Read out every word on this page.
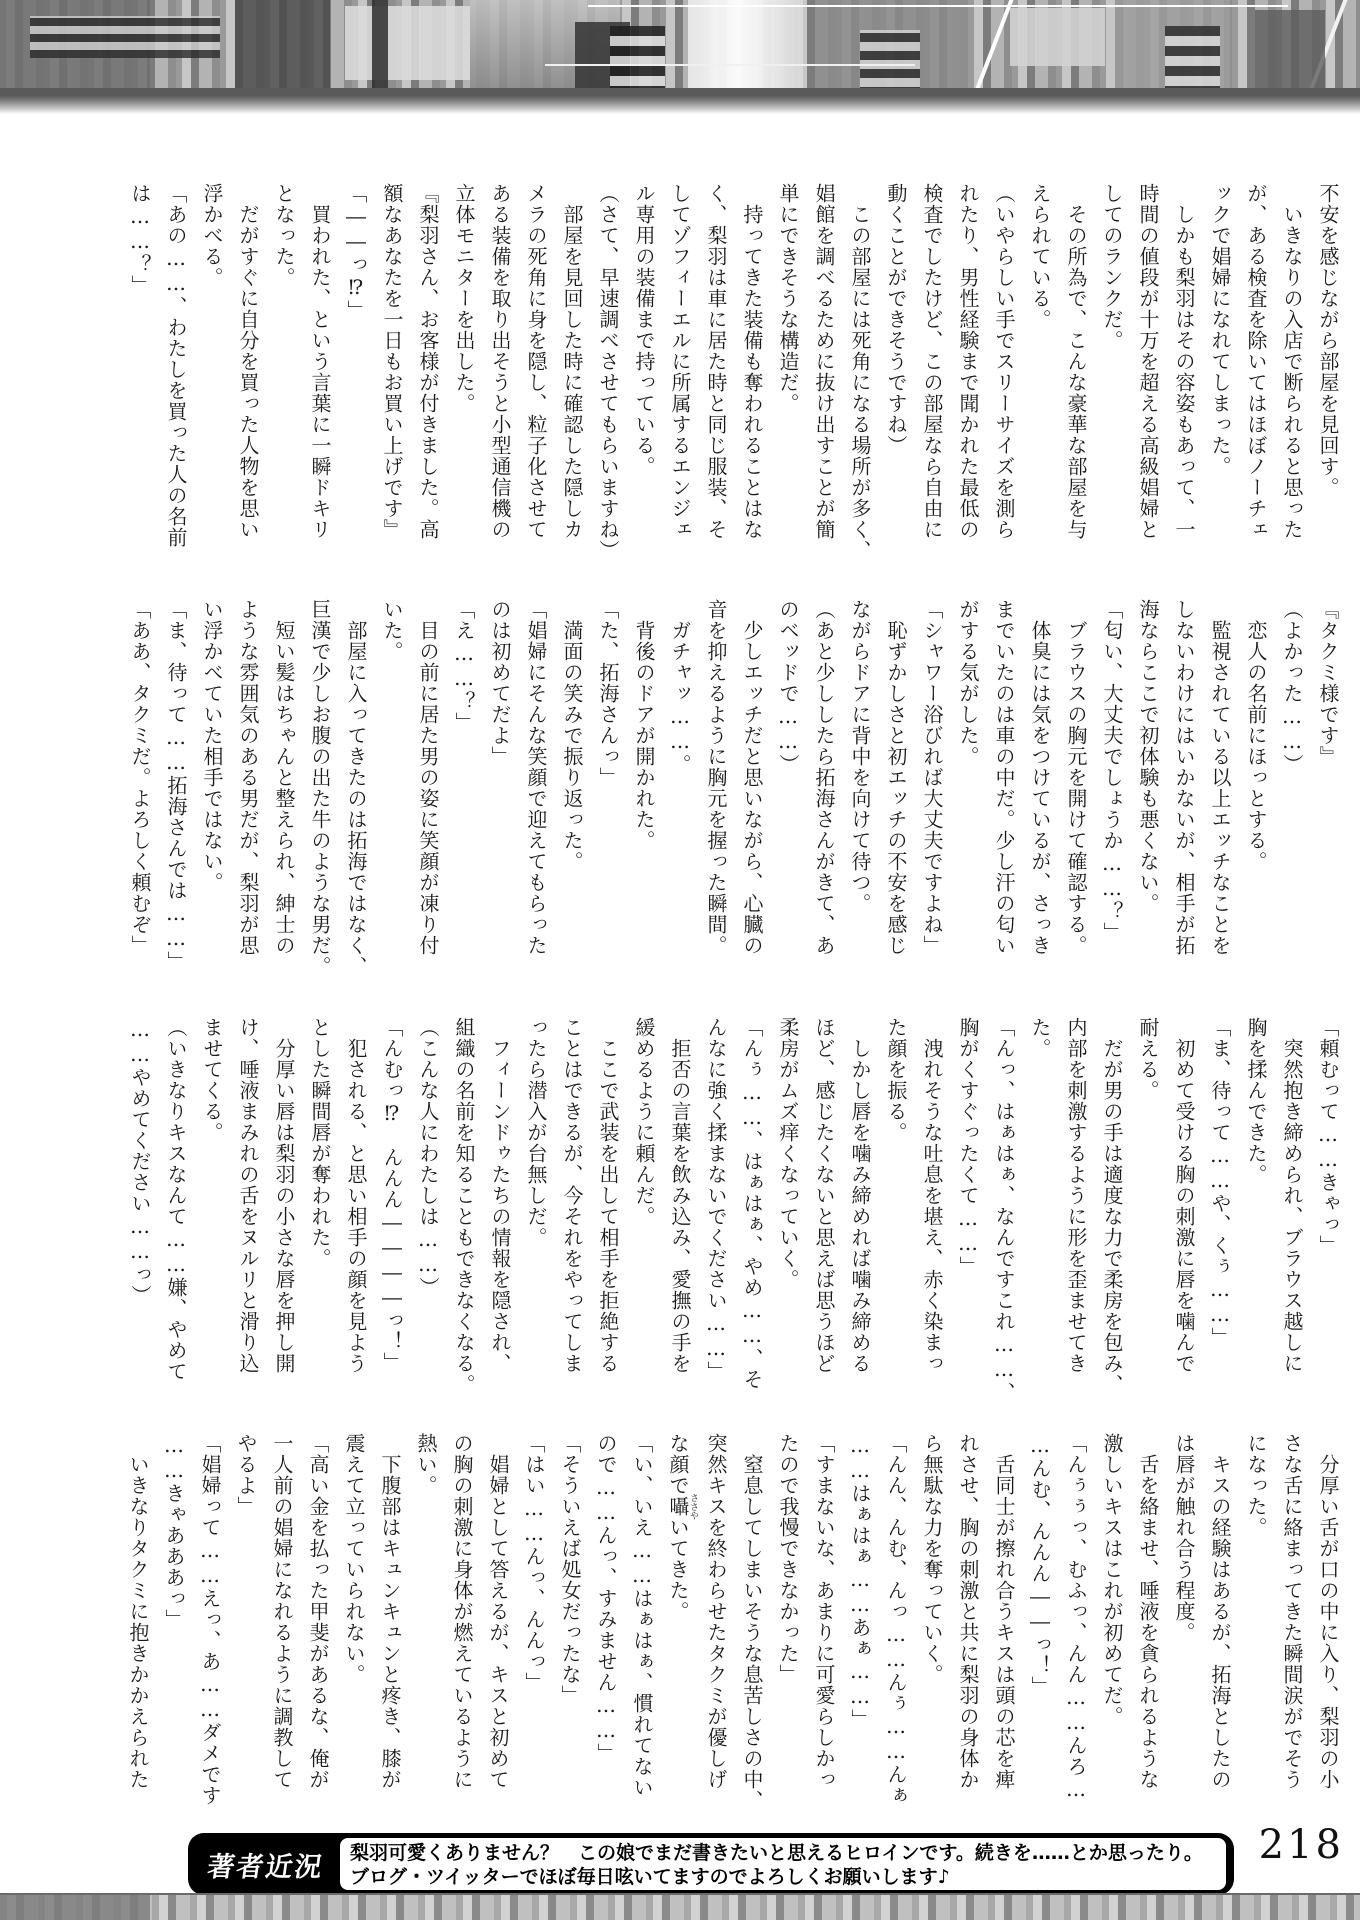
不安を感じながら部屋を見回す。

　いきなりの入店で断られると思った

が、ある検査を除いてはほぼノーチェ

ックで娼婦になれてしまった。

　しかも梨羽はその容姿もあって、一

時間の値段が十万を超える高級娼婦と

してのランクだ。

　その所為で、こんな豪華な部屋を与

えられている。

（いやらしい手でスリーサイズを測ら

れたり、男性経験まで聞かれた最低の

検査でしたけど、この部屋なら自由に

動くことができそうですね）

　この部屋には死角になる場所が多く、

娼館を調べるために抜け出すことが簡

単にできそうな構造だ。

　持ってきた装備も奪われることはな

く、梨羽は車に居た時と同じ服装、そ

してゾフィーエルに所属するエンジェ

ル専用の装備まで持っている。

（さて、早速調べさせてもらいますね）

　部屋を見回した時に確認した隠しカ

メラの死角に身を隠し、粒子化させて

ある装備を取り出そうと小型通信機の

立体モニターを出した。

『梨羽さん、お客様が付きました。高

額なあなたを一日もお買い上げです』

「――っ⁉」

　買われた、という言葉に一瞬ドキリ

となった。

　だがすぐに自分を買った人物を思い

浮かべる。

「あの……、わたしを買った人の名前

は……？」

『タクミ様です』

（よかった……）

　恋人の名前にほっとする。

　監視されている以上エッチなことを

しないわけにはいかないが、相手が拓

海ならここで初体験も悪くない。

「匂い、大丈夫でしょうか……？」

　ブラウスの胸元を開けて確認する。

　体臭には気をつけているが、さっき

までいたのは車の中だ。少し汗の匂い

がする気がした。

「シャワー浴びれば大丈夫ですよね」

　恥ずかしさと初エッチの不安を感じ

ながらドアに背中を向けて待つ。

（あと少ししたら拓海さんがきて、あ

のベッドで……）

　少しエッチだと思いながら、心臓の

音を抑えるように胸元を握った瞬間。

　ガチャッ……。

　背後のドアが開かれた。

「た、拓海さんっ」

　満面の笑みで振り返った。

「娼婦にそんな笑顔で迎えてもらった

のは初めてだよ」

「え……？」

　目の前に居た男の姿に笑顔が凍り付

いた。

　部屋に入ってきたのは拓海ではなく、

巨漢で少しお腹の出た牛のような男だ。

　短い髪はちゃんと整えられ、紳士の

ような雰囲気のある男だが、梨羽が思

い浮かべていた相手ではない。

「ま、待って……拓海さんでは……」

「ああ、タクミだ。よろしく頼むぞ」

「頼むって……きゃっ」

　突然抱き締められ、ブラウス越しに

胸を揉んできた。

「ま、待って……や、くぅ……」

　初めて受ける胸の刺激に唇を噛んで

耐える。

　だが男の手は適度な力で柔房を包み、

内部を刺激するように形を歪ませてき

た。

「んっ、はぁはぁ、なんですこれ……、

胸がくすぐったくて……」

　洩れそうな吐息を堪え、赤く染まっ

た顔を振る。

　しかし唇を噛み締めれば噛み締める

ほど、感じたくないと思えば思うほど

柔房がムズ痒くなっていく。

「んぅ……、はぁはぁ、やめ……、そ

んなに強く揉まないでください……」

　拒否の言葉を飲み込み、愛撫の手を

緩めるように頼んだ。

　ここで武装を出して相手を拒絶する

ことはできるが、今それをやってしま

ったら潜入が台無しだ。

　フィーンドゥたちの情報を隠され、

組織の名前を知ることもできなくなる。

（こんな人にわたしは……）

「んむっ⁉　んんん――――っ！」

　犯される、と思い相手の顔を見よう

とした瞬間唇が奪われた。

　分厚い唇は梨羽の小さな唇を押し開

け、唾液まみれの舌をヌルリと滑り込

ませてくる。

（いきなりキスなんて……嫌、やめて

……やめてください……っ）

　分厚い舌が口の中に入り、梨羽の小

さな舌に絡まってきた瞬間涙がでそう

になった。

　キスの経験はあるが、拓海としたの

は唇が触れ合う程度。

　舌を絡ませ、唾液を貪られるような

激しいキスはこれが初めてだ。

「んぅぅっ、むふっ、んん……んろ…

…んむ、んんん――っ！」

　舌同士が擦れ合うキスは頭の芯を痺

れさせ、胸の刺激と共に梨羽の身体か

ら無駄な力を奪っていく。

「んん、んむ、んっ……んぅ……んぁ

……はぁはぁ……あぁ……」

「すまないな、あまりに可愛らしかっ

たので我慢できなかった」

　窒息してしまいそうな息苦しさの中、

突然キスを終わらせたタクミが優しげ

な顔で囁ささやいてきた。

「い、いえ……はぁはぁ、慣れてない

ので……んっ、すみません……」

「そういえば処女だったな」

「はい……んっ、んんっ」

　娼婦として答えるが、キスと初めて

の胸の刺激に身体が燃えているように

熱い。

　下腹部はキュンキュンと疼き、膝が

震えて立っていられない。

「高い金を払った甲斐があるな、俺が

一人前の娼婦になれるように調教して

やるよ」

「娼婦って……えっ、あ……ダメです

……きゃあああっ」

　いきなりタクミに抱きかかえられた

218
著者近況	梨羽可愛くありません？　この娘でまだ書きたいと思えるヒロインです。続きを……とか思ったり。ブログ・ツイッターでほぼ毎日呟いてますのでよろしくお願いします♪
